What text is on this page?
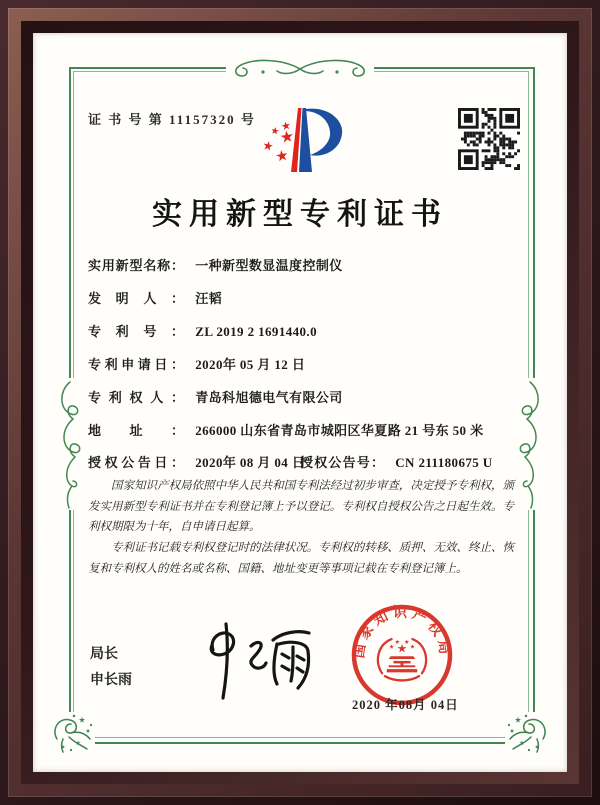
证 书 号 第 11157320 号
实用新型专利证书
实用新型名称： 一种新型数显温度控制仪
发明人： 汪韬
专利号： ZL 2019 2 1691440.0
专利申请日： 2020年 05 月 12 日
专利权人： 青岛科旭德电气有限公司
地址： 266000 山东省青岛市城阳区华夏路 21 号东 50 米
授权公告日： 2020年 08 月 04 日
授权公告号： CN 211180675 U

国家知识产权局依照中华人民共和国专利法经过初步审查，决定授予专利权，颁发实用新型专利证书并在专利登记簿上予以登记。专利权自授权公告之日起生效。专利权期限为十年，自申请日起算。

专利证书记载专利权登记时的法律状况。专利权的转移、质押、无效、终止、恢复和专利权人的姓名或名称、国籍、地址变更等事项记载在专利登记簿上。

局长
申长雨
国家知识产权局
2020 年08月 04日
